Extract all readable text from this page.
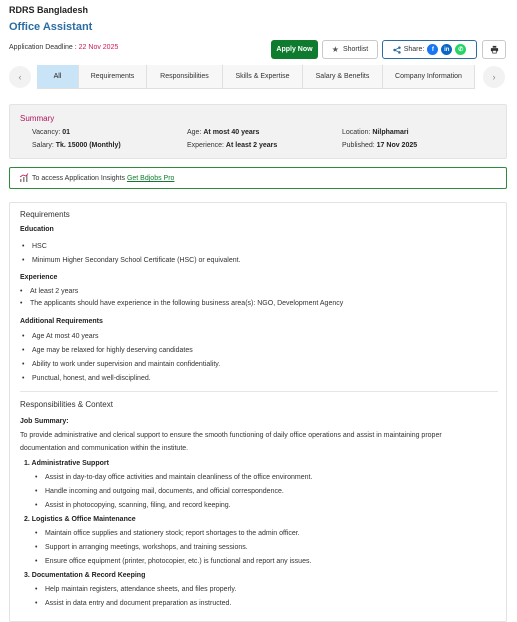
RDRS Bangladesh
Office Assistant
Application Deadline : 22 Nov 2025	Apply Now ★ Shortlist	Share:	f	in	✆
‹	All	Requirements	Responsibilities	Skills & Expertise	Salary & Benefits	Company Information	›
Summary
Vacancy: 01	Age: At most 40 years	Location: Nilphamari
Salary: Tk. 15000 (Monthly)	Experience: At least 2 years	Published: 17 Nov 2025
To access Application Insights Get Bdjobs Pro
Requirements
Education
• HSC
• Minimum Higher Secondary School Certificate (HSC) or equivalent.
Experience
• At least 2 years
• The applicants should have experience in the following business area(s): NGO, Development Agency
Additional Requirements
• Age At most 40 years
• Age may be relaxed for highly deserving candidates
• Ability to work under supervision and maintain confidentiality.
• Punctual, honest, and well-disciplined.
Responsibilities & Context
Job Summary:
To provide administrative and clerical support to ensure the smooth functioning of daily office operations and assist in maintaining proper
documentation and communication within the institute.
1. Administrative Support
• Assist in day-to-day office activities and maintain cleanliness of the office environment.
• Handle incoming and outgoing mail, documents, and official correspondence.
• Assist in photocopying, scanning, filing, and record keeping.
2. Logistics & Office Maintenance
• Maintain office supplies and stationery stock; report shortages to the admin officer.
• Support in arranging meetings, workshops, and training sessions.
• Ensure office equipment (printer, photocopier, etc.) is functional and report any issues.
3. Documentation & Record Keeping
• Help maintain registers, attendance sheets, and files properly.
• Assist in data entry and document preparation as instructed.
